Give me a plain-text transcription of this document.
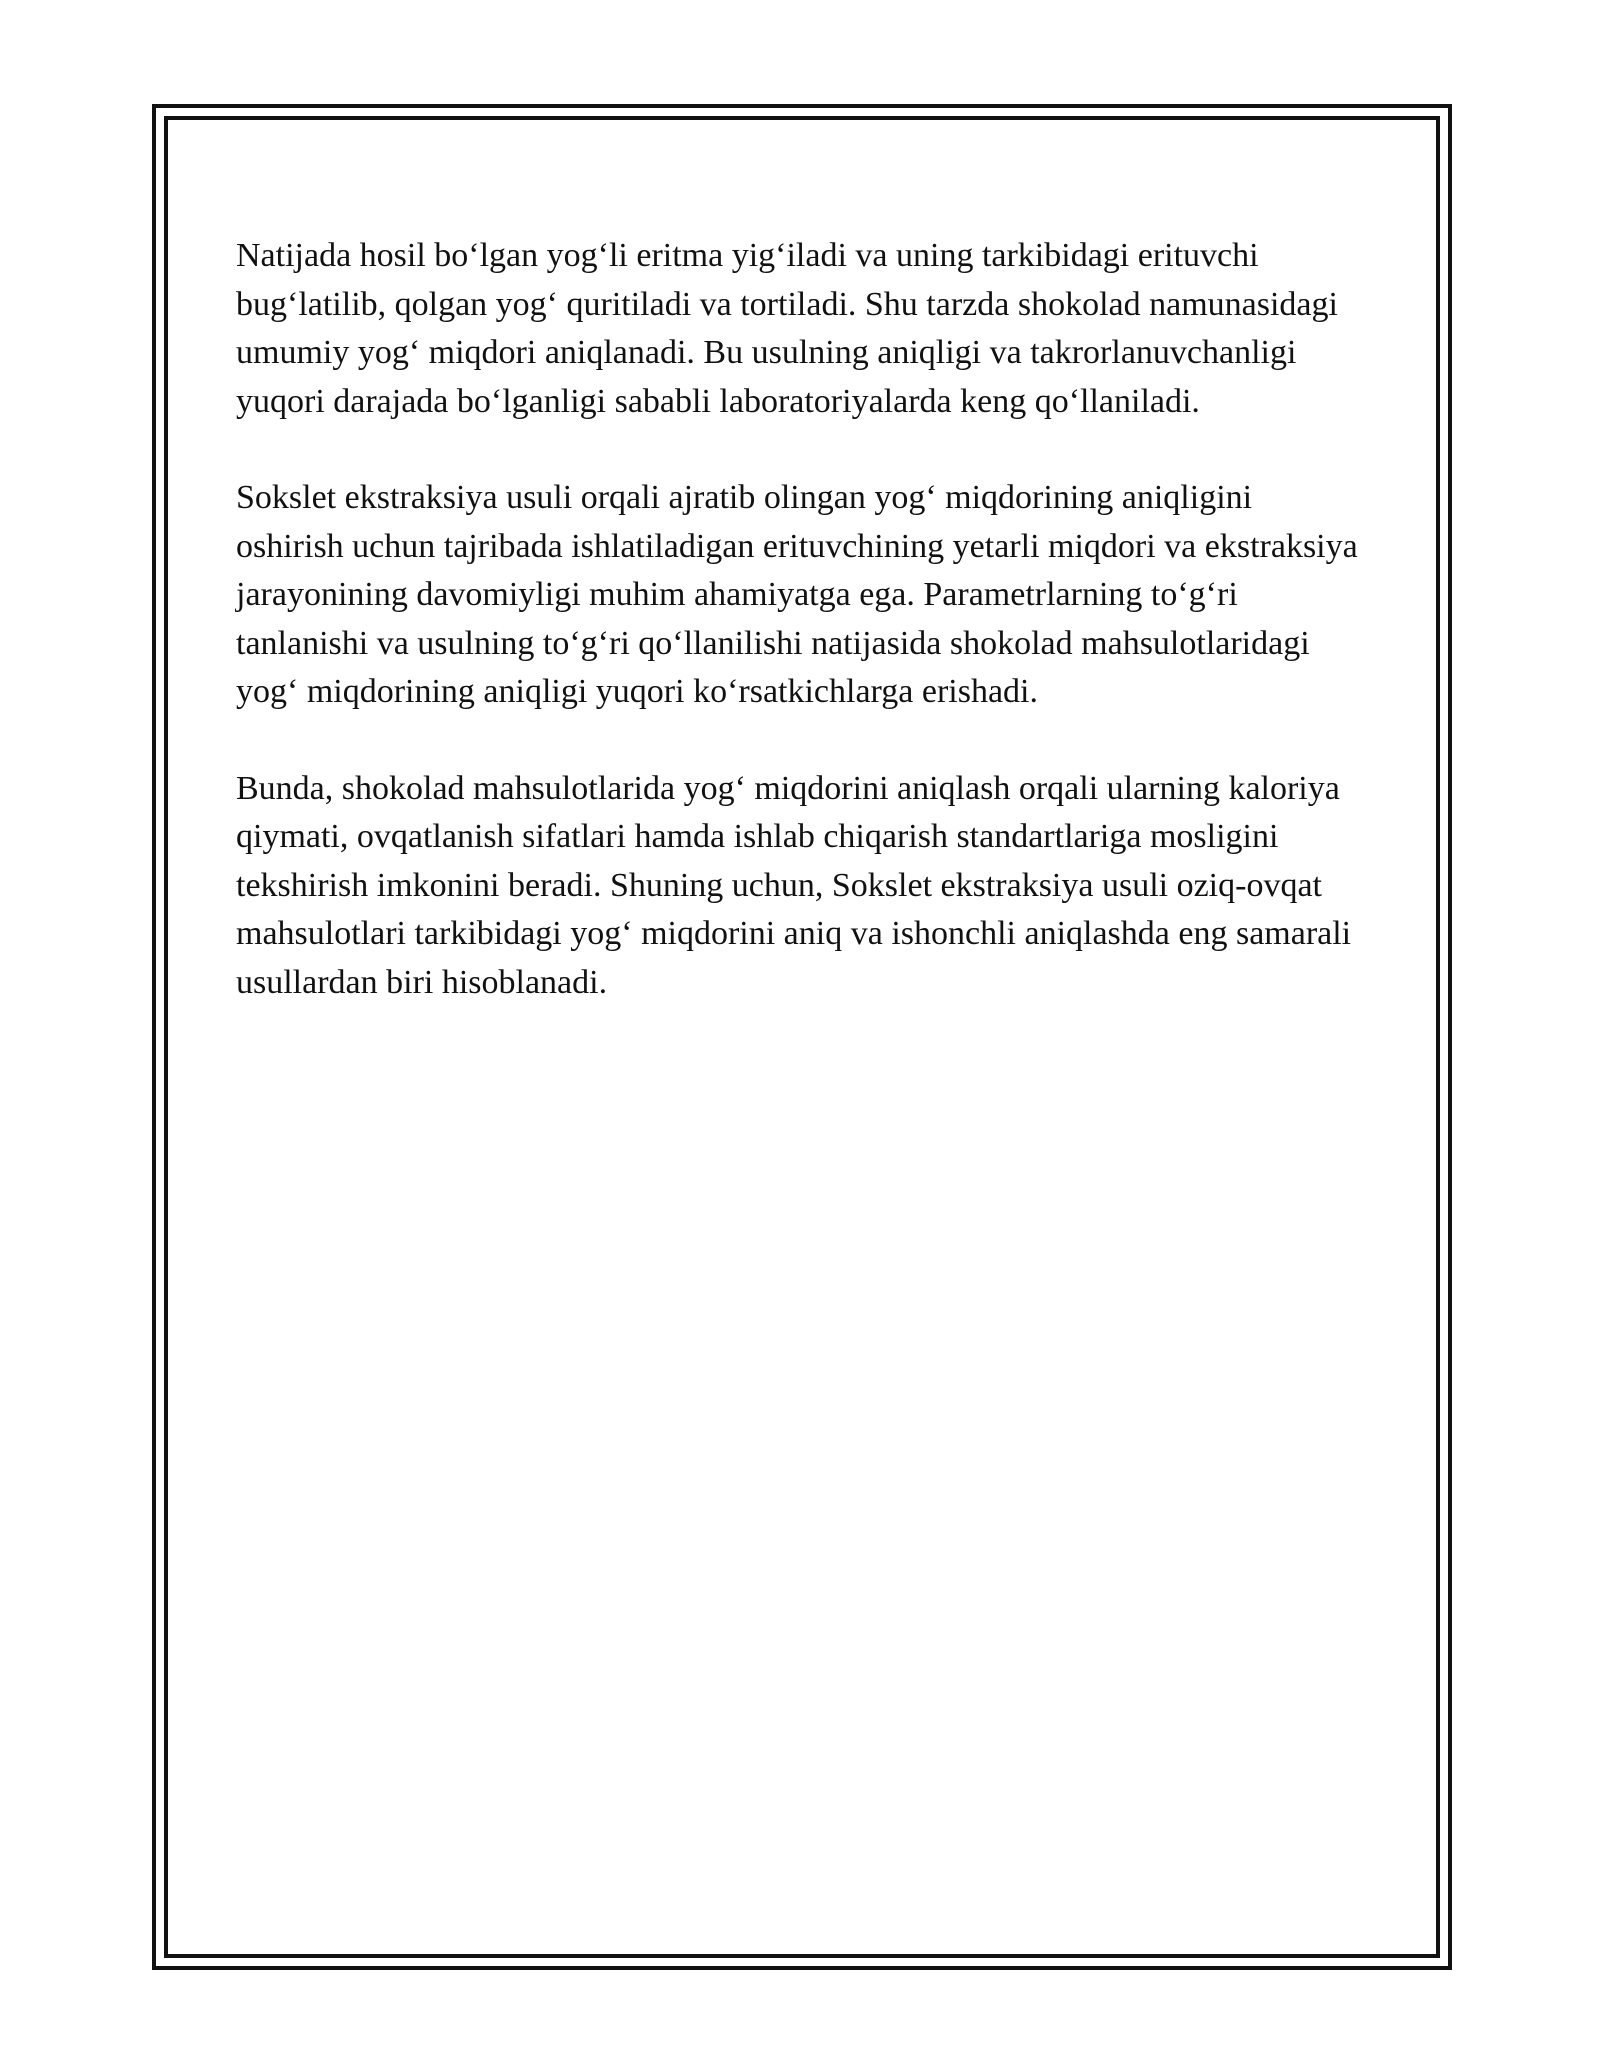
Natijada hosil bo‘lgan yog‘li eritma yig‘iladi va uning tarkibidagi erituvchi bug‘latilib, qolgan yog‘ quritiladi va tortiladi. Shu tarzda shokolad namunasidagi umumiy yog‘ miqdori aniqlanadi. Bu usulning aniqligi va takrorlanuvchanligi yuqori darajada bo‘lganligi sababli laboratoriyalarda keng qo‘llaniladi.

Sokslet ekstraksiya usuli orqali ajratib olingan yog‘ miqdorining aniqligini oshirish uchun tajribada ishlatiladigan erituvchining yetarli miqdori va ekstraksiya jarayonining davomiyligi muhim ahamiyatga ega. Parametrlarning to‘g‘ri tanlanishi va usulning to‘g‘ri qo‘llanilishi natijasida shokolad mahsulotlaridagi yog‘ miqdorining aniqligi yuqori ko‘rsatkichlarga erishadi.

Bunda, shokolad mahsulotlarida yog‘ miqdorini aniqlash orqali ularning kaloriya qiymati, ovqatlanish sifatlari hamda ishlab chiqarish standartlariga mosligini tekshirish imkonini beradi. Shuning uchun, Sokslet ekstraksiya usuli oziq-ovqat mahsulotlari tarkibidagi yog‘ miqdorini aniq va ishonchli aniqlashda eng samarali usullardan biri hisoblanadi.
